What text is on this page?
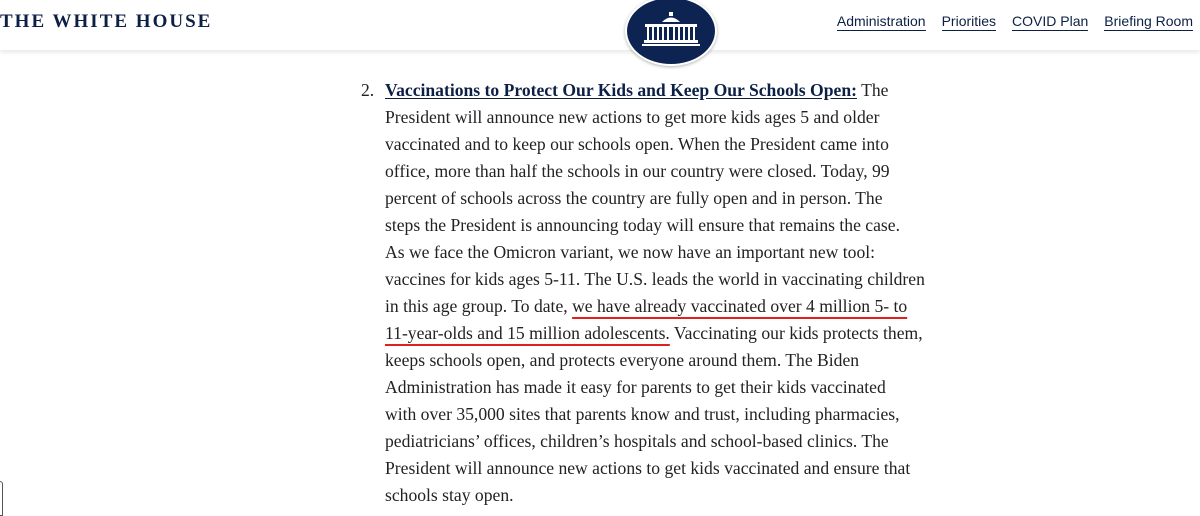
THE WHITE HOUSE	Administration Priorities COVID Plan Briefing Room
2. Vaccinations to Protect Our Kids and Keep Our Schools Open: The
President will announce new actions to get more kids ages 5 and older
vaccinated and to keep our schools open. When the President came into
office, more than half the schools in our country were closed. Today, 99
percent of schools across the country are fully open and in person. The
steps the President is announcing today will ensure that remains the case.
As we face the Omicron variant, we now have an important new tool:
vaccines for kids ages 5-11. The U.S. leads the world in vaccinating children
in this age group. To date, we have already vaccinated over 4 million 5- to
11-year-olds and 15 million adolescents. Vaccinating our kids protects them,
keeps schools open, and protects everyone around them. The Biden
Administration has made it easy for parents to get their kids vaccinated
with over 35,000 sites that parents know and trust, including pharmacies,
pediatricians’ offices, children’s hospitals and school-based clinics. The
President will announce new actions to get kids vaccinated and ensure that
schools stay open.
